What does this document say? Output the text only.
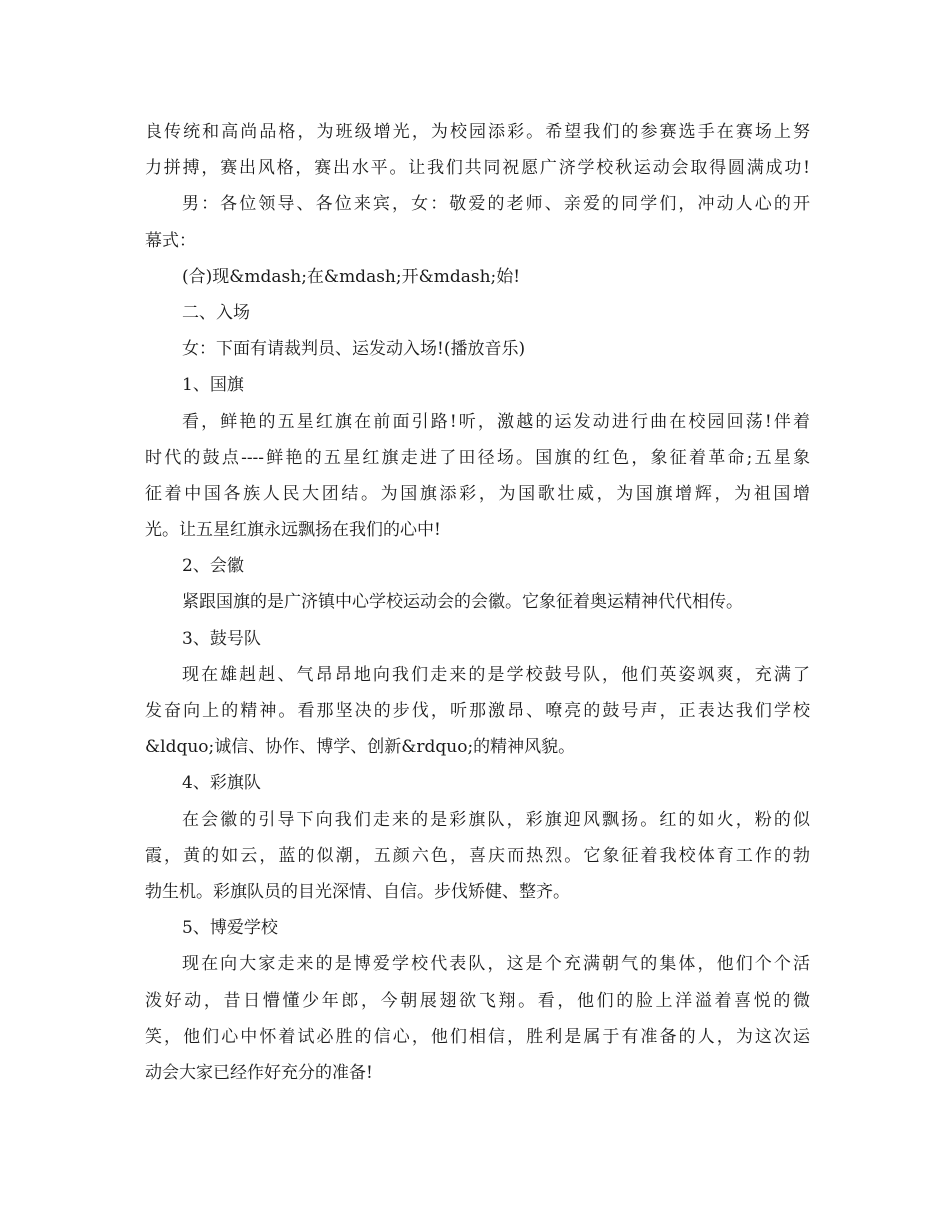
良传统和高尚品格，为班级增光，为校园添彩。希望我们的参赛选手在赛场上努
力拼搏，赛出风格，赛出水平。让我们共同祝愿广济学校秋运动会取得圆满成功!
男：各位领导、各位来宾，女：敬爱的老师、亲爱的同学们，冲动人心的开
幕式：
(合)现&mdash;在&mdash;开&mdash;始!
二、入场
女：下面有请裁判员、运发动入场!(播放音乐)
1、国旗
看，鲜艳的五星红旗在前面引路!听，激越的运发动进行曲在校园回荡!伴着
时代的鼓点----鲜艳的五星红旗走进了田径场。国旗的红色，象征着革命;五星象
征着中国各族人民大团结。为国旗添彩，为国歌壮威，为国旗增辉，为祖国增
光。让五星红旗永远飘扬在我们的心中!
2、会徽
紧跟国旗的是广济镇中心学校运动会的会徽。它象征着奥运精神代代相传。
3、鼓号队
现在雄赳赳、气昂昂地向我们走来的是学校鼓号队，他们英姿飒爽，充满了
发奋向上的精神。看那坚决的步伐，听那激昂、嘹亮的鼓号声，正表达我们学校
&ldquo;诚信、协作、博学、创新&rdquo;的精神风貌。
4、彩旗队
在会徽的引导下向我们走来的是彩旗队，彩旗迎风飘扬。红的如火，粉的似
霞，黄的如云，蓝的似潮，五颜六色，喜庆而热烈。它象征着我校体育工作的勃
勃生机。彩旗队员的目光深情、自信。步伐矫健、整齐。
5、博爱学校
现在向大家走来的是博爱学校代表队，这是个充满朝气的集体，他们个个活
泼好动，昔日懵懂少年郎，今朝展翅欲飞翔。看，他们的脸上洋溢着喜悦的微
笑，他们心中怀着试必胜的信心，他们相信，胜利是属于有准备的人，为这次运
动会大家已经作好充分的准备!
